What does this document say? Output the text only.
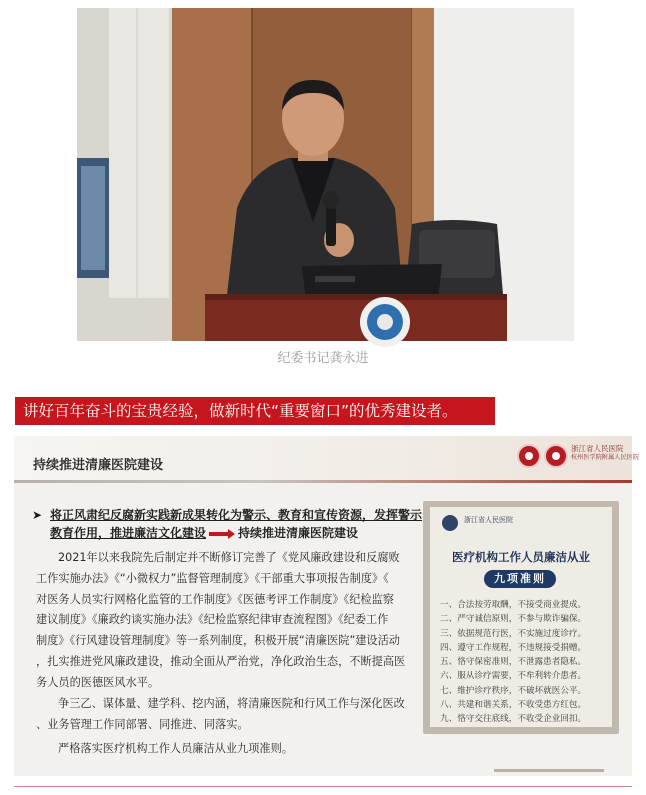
纪委书记龚永进
讲好百年奋斗的宝贵经验，做新时代“重要窗口”的优秀建设者。
持续推进清廉医院建设
浙江省人民医院
杭州医学院附属人民医院
➤ 将正风肃纪反腐新实践新成果转化为警示、教育和宣传资源，发挥警示
教育作用，推进廉洁文化建设	持续推进清廉医院建设
2021年以来我院先后制定并不断修订完善了《党风廉政建设和反腐败
工作实施办法》《“小微权力”监督管理制度》《干部重大事项报告制度》《
对医务人员实行网格化监管的工作制度》《医德考评工作制度》《纪检监察
建议制度》《廉政约谈实施办法》《纪检监察纪律审查流程图》《纪委工作
制度》《行风建设管理制度》等一系列制度，积极开展“清廉医院”建设活动
，扎实推进党风廉政建设，推动全面从严治党，净化政治生态，不断提高医
务人员的医德医风水平。
争三乙、谋体量、建学科、挖内涵，将清廉医院和行风工作与深化医改
、业务管理工作同部署、同推进、同落实。
严格落实医疗机构工作人员廉洁从业九项准则。
浙江省人民医院
医疗机构工作人员廉洁从业
九项准则
一、合法按劳取酬，不接受商业提成。
二、严守诚信原则，不参与欺诈骗保。
三、依据规范行医，不实施过度诊疗。
四、遵守工作规程，不违规接受捐赠。
五、恪守保密准则，不泄露患者隐私。
六、服从诊疗需要，不牟利转介患者。
七、维护诊疗秩序，不破坏就医公平。
八、共建和谐关系，不收受患方红包。
九、恪守交往底线，不收受企业回扣。
